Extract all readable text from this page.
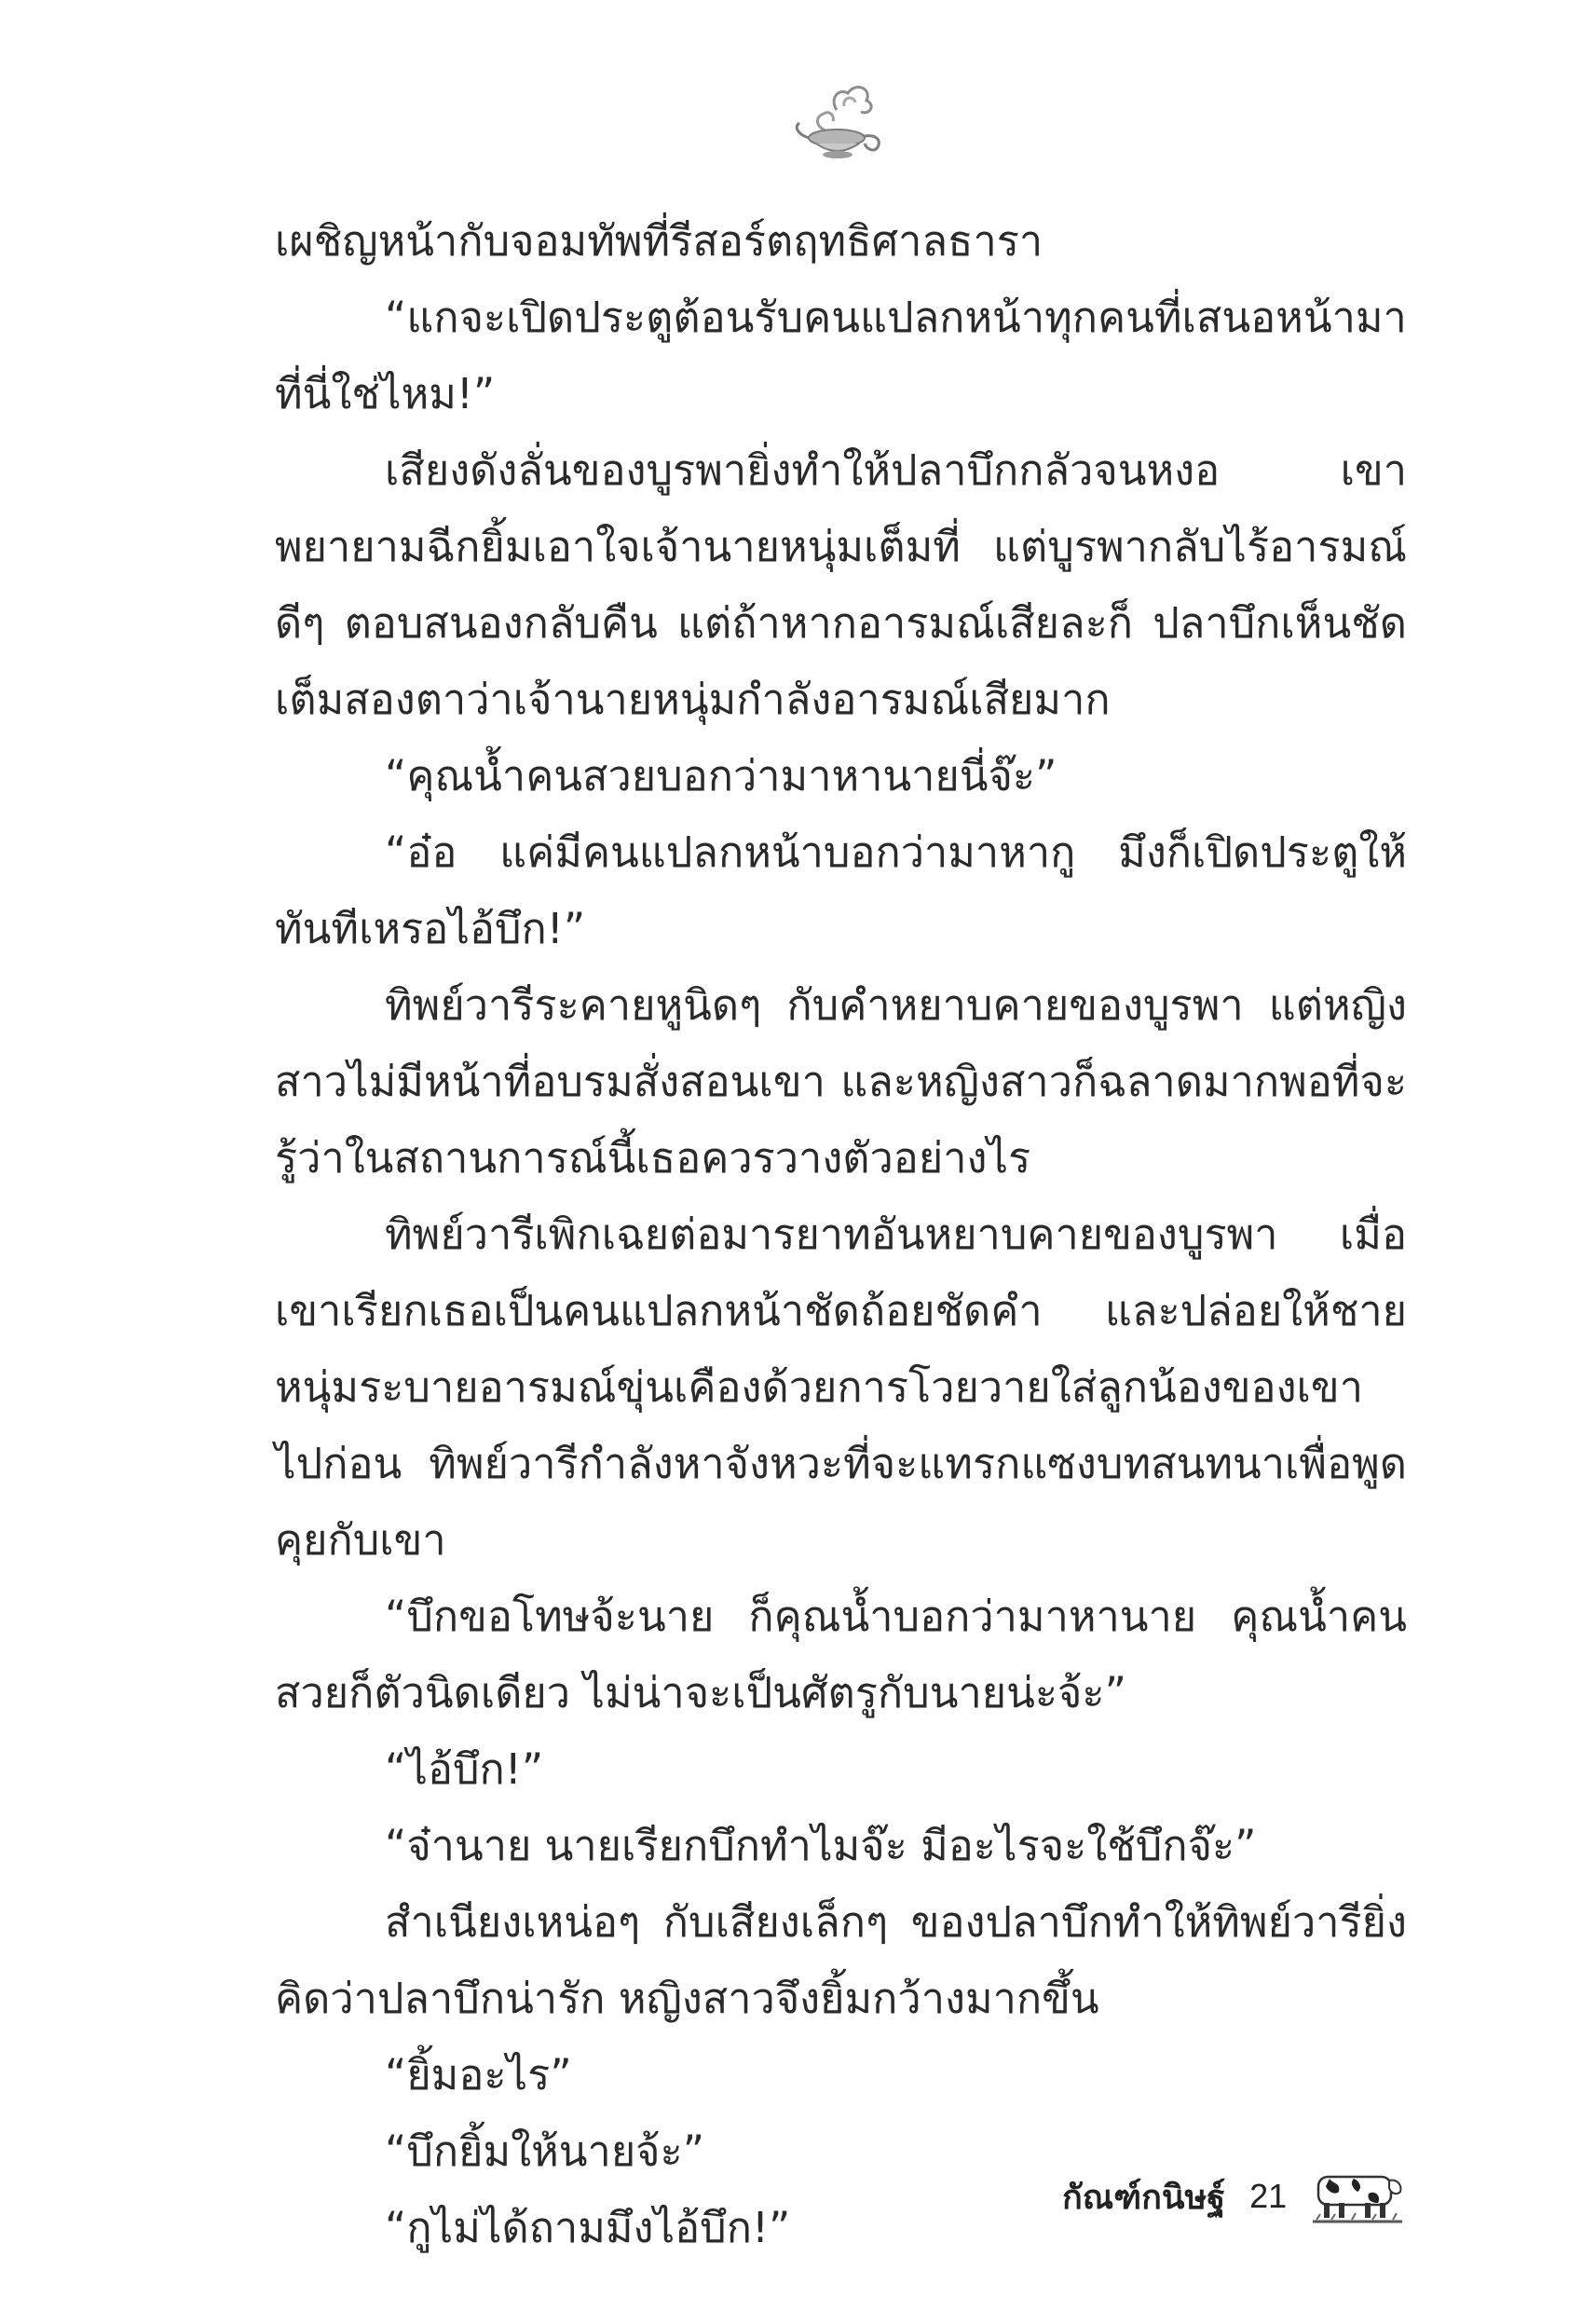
เผชิญหน้ากับจอมทัพที่รีสอร์ตฤทธิศาลธารา

“แกจะเปิดประตูต้อนรับคนแปลกหน้าทุกคนที่เสนอหน้ามาที่นี่ใช่ไหม!”

เสียงดังลั่นของบูรพายิ่งทำให้ปลาบึกกลัวจนหงอ เขาพยายามฉีกยิ้มเอาใจเจ้านายหนุ่มเต็มที่ แต่บูรพากลับไร้อารมณ์ดีๆ ตอบสนองกลับคืน แต่ถ้าหากอารมณ์เสียละก็ ปลาบึกเห็นชัดเต็มสองตาว่าเจ้านายหนุ่มกำลังอารมณ์เสียมาก

“คุณน้ำคนสวยบอกว่ามาหานายนี่จ๊ะ”

“อ๋อ แค่มีคนแปลกหน้าบอกว่ามาหากู มึงก็เปิดประตูให้ทันทีเหรอไอ้บึก!”

ทิพย์วารีระคายหูนิดๆ กับคำหยาบคายของบูรพา แต่หญิงสาวไม่มีหน้าที่อบรมสั่งสอนเขา และหญิงสาวก็ฉลาดมากพอที่จะรู้ว่าในสถานการณ์นี้เธอควรวางตัวอย่างไร

ทิพย์วารีเพิกเฉยต่อมารยาทอันหยาบคายของบูรพา เมื่อเขาเรียกเธอเป็นคนแปลกหน้าชัดถ้อยชัดคำ และปล่อยให้ชายหนุ่มระบายอารมณ์ขุ่นเคืองด้วยการโวยวายใส่ลูกน้องของเขาไปก่อน ทิพย์วารีกำลังหาจังหวะที่จะแทรกแซงบทสนทนาเพื่อพูดคุยกับเขา

“บึกขอโทษจ้ะนาย ก็คุณน้ำบอกว่ามาหานาย คุณน้ำคนสวยก็ตัวนิดเดียว ไม่น่าจะเป็นศัตรูกับนายน่ะจ้ะ”

“ไอ้บึก!”

“จ๋านาย นายเรียกบึกทำไมจ๊ะ มีอะไรจะใช้บึกจ๊ะ”

สำเนียงเหน่อๆ กับเสียงเล็กๆ ของปลาบึกทำให้ทิพย์วารียิ่งคิดว่าปลาบึกน่ารัก หญิงสาวจึงยิ้มกว้างมากขึ้น

“ยิ้มอะไร”

“บึกยิ้มให้นายจ้ะ”

“กูไม่ได้ถามมึงไอ้บึก!”

กัณฑ์กนิษฐ์ 21
